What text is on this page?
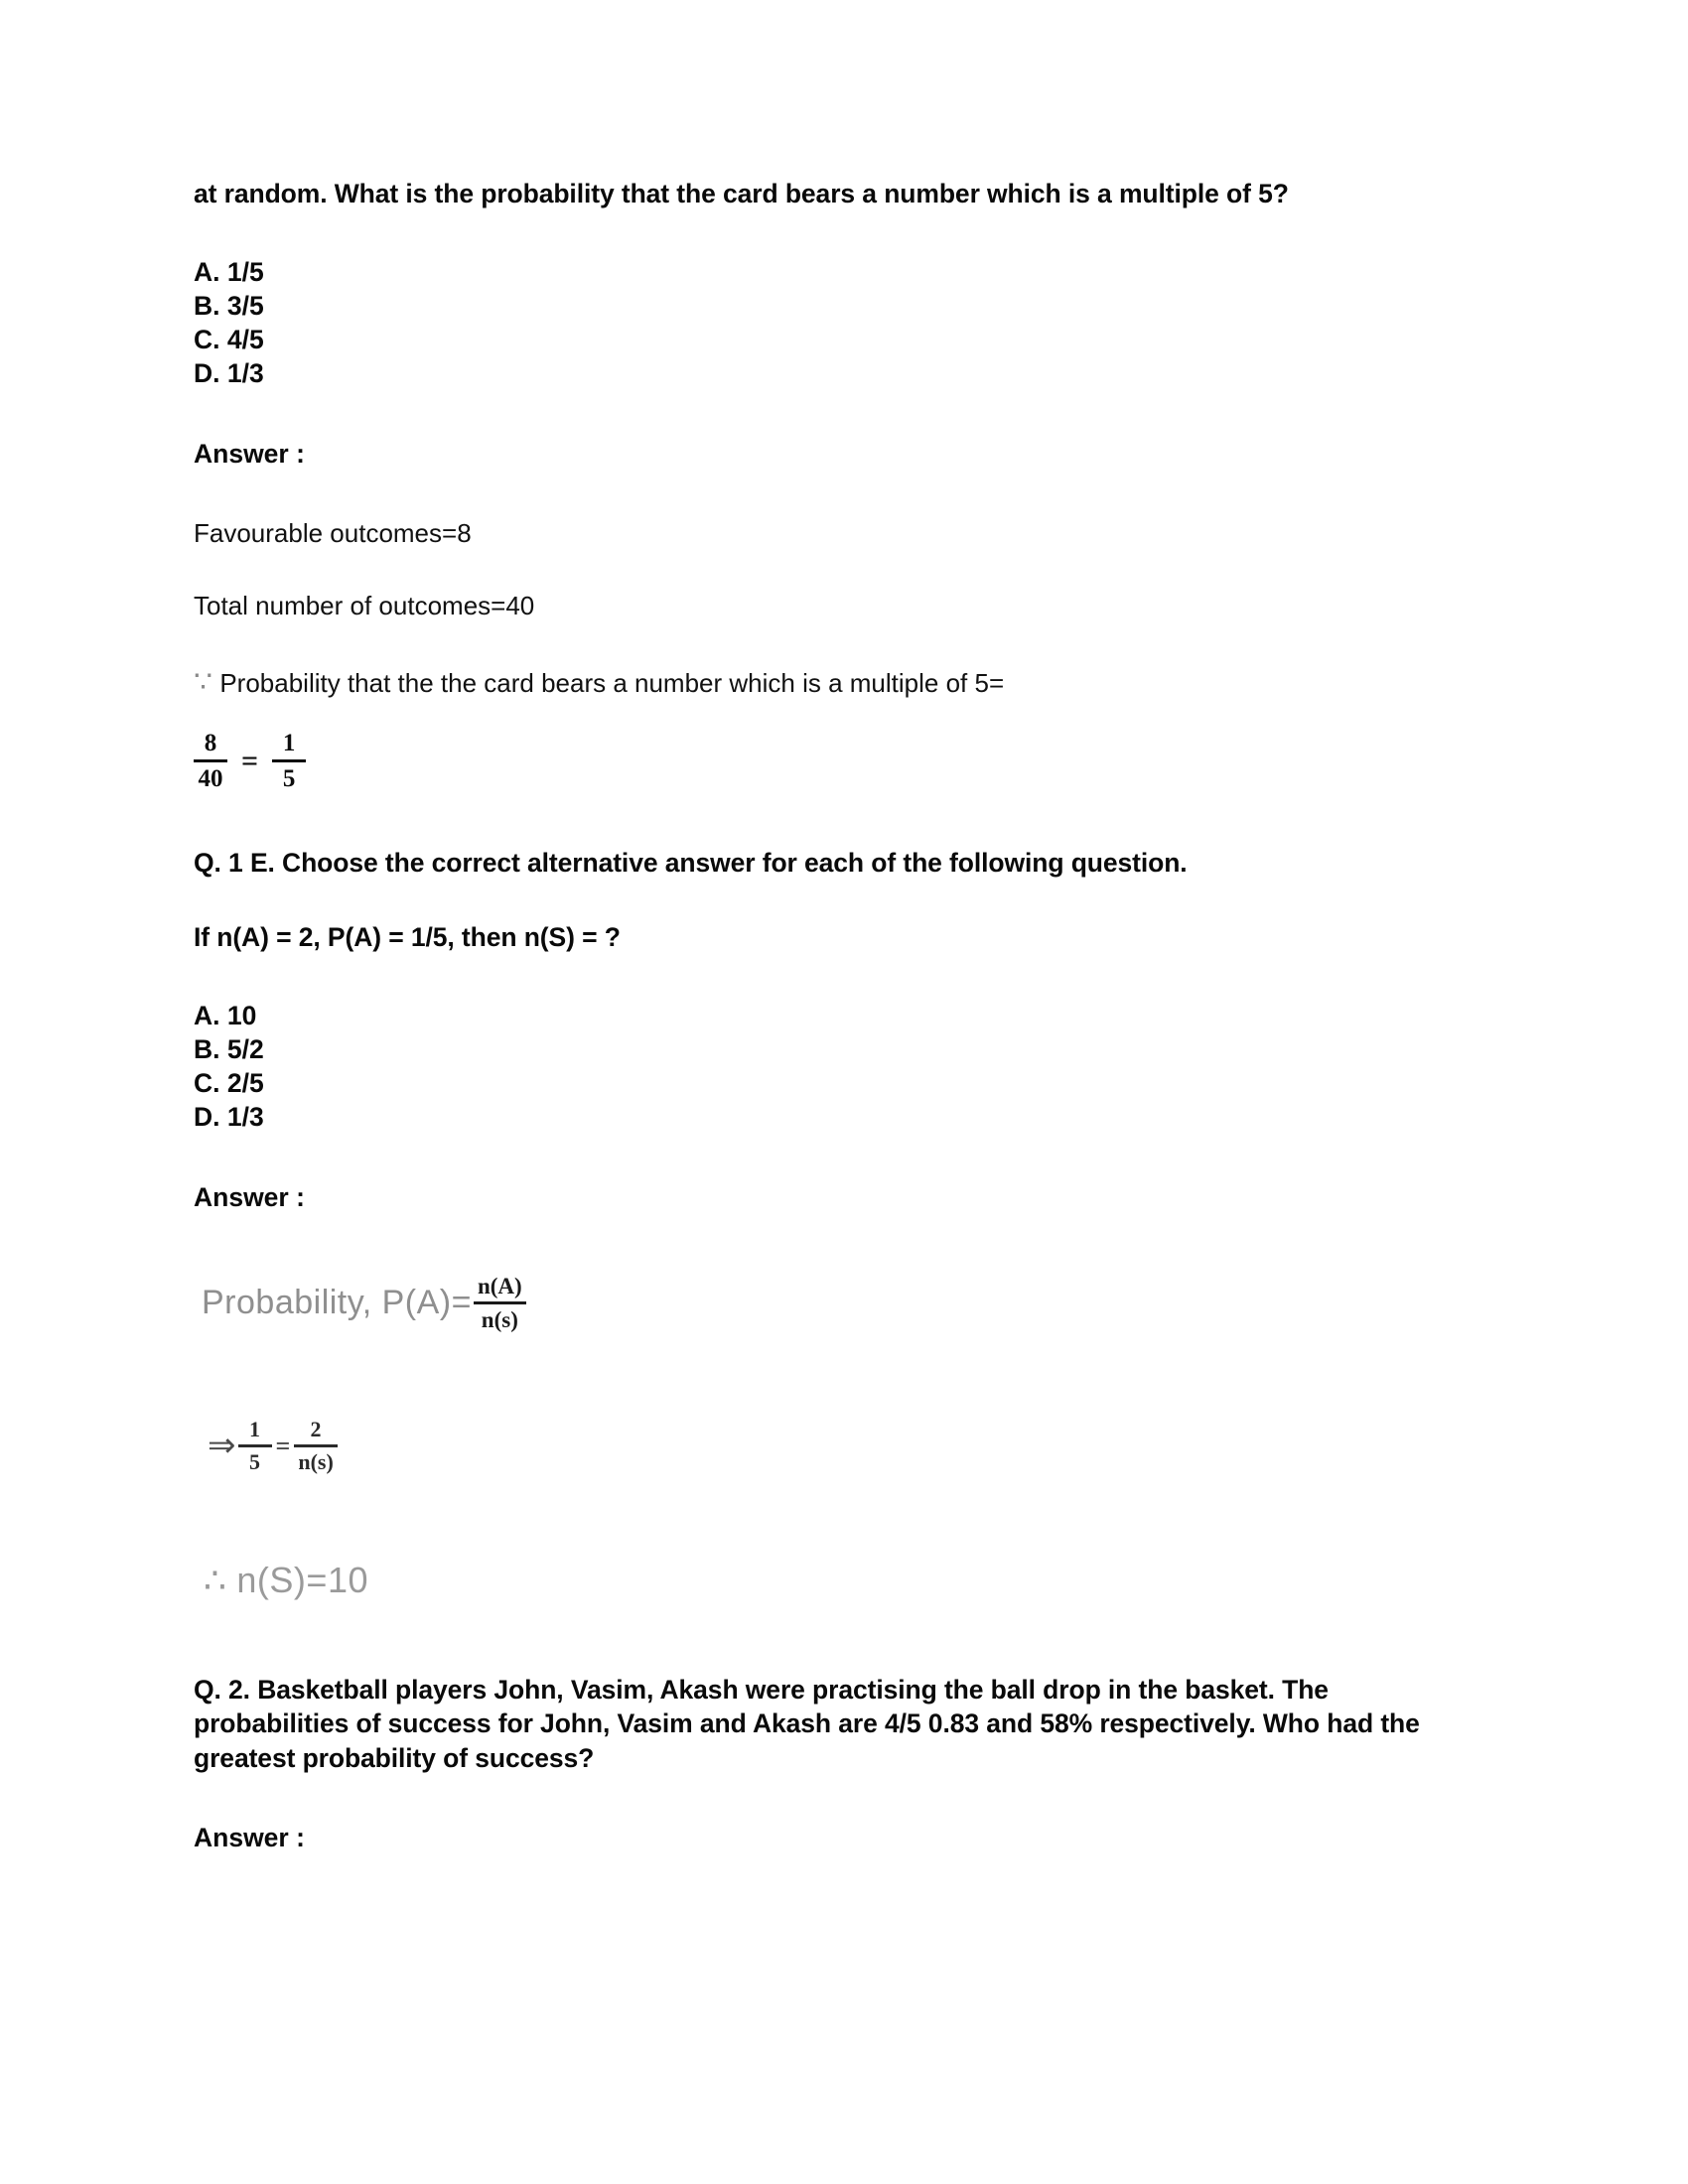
at random. What is the probability that the card bears a number which is a multiple of 5?

A. 1/5
B. 3/5
C. 4/5
D. 1/3

Answer :

Favourable outcomes=8

Total number of outcomes=40

∵ Probability that the the card bears a number which is a multiple of 5=

$\frac{8}{40} = \frac{1}{5}$

Q. 1 E. Choose the correct alternative answer for each of the following question.

If n(A) = 2, P(A) = 1/5, then n(S) = ?

A. 10
B. 5/2
C. 2/5
D. 1/3

Answer :

Probability, $P(A)= \frac{n(A)}{n(s)}$
⇒ $\frac{1}{5} = \frac{2}{n(s)}$
∴ n(S)=10

Q. 2. Basketball players John, Vasim, Akash were practising the ball drop in the basket. The probabilities of success for John, Vasim and Akash are 4/5 0.83 and 58% respectively. Who had the greatest probability of success?

Answer :
